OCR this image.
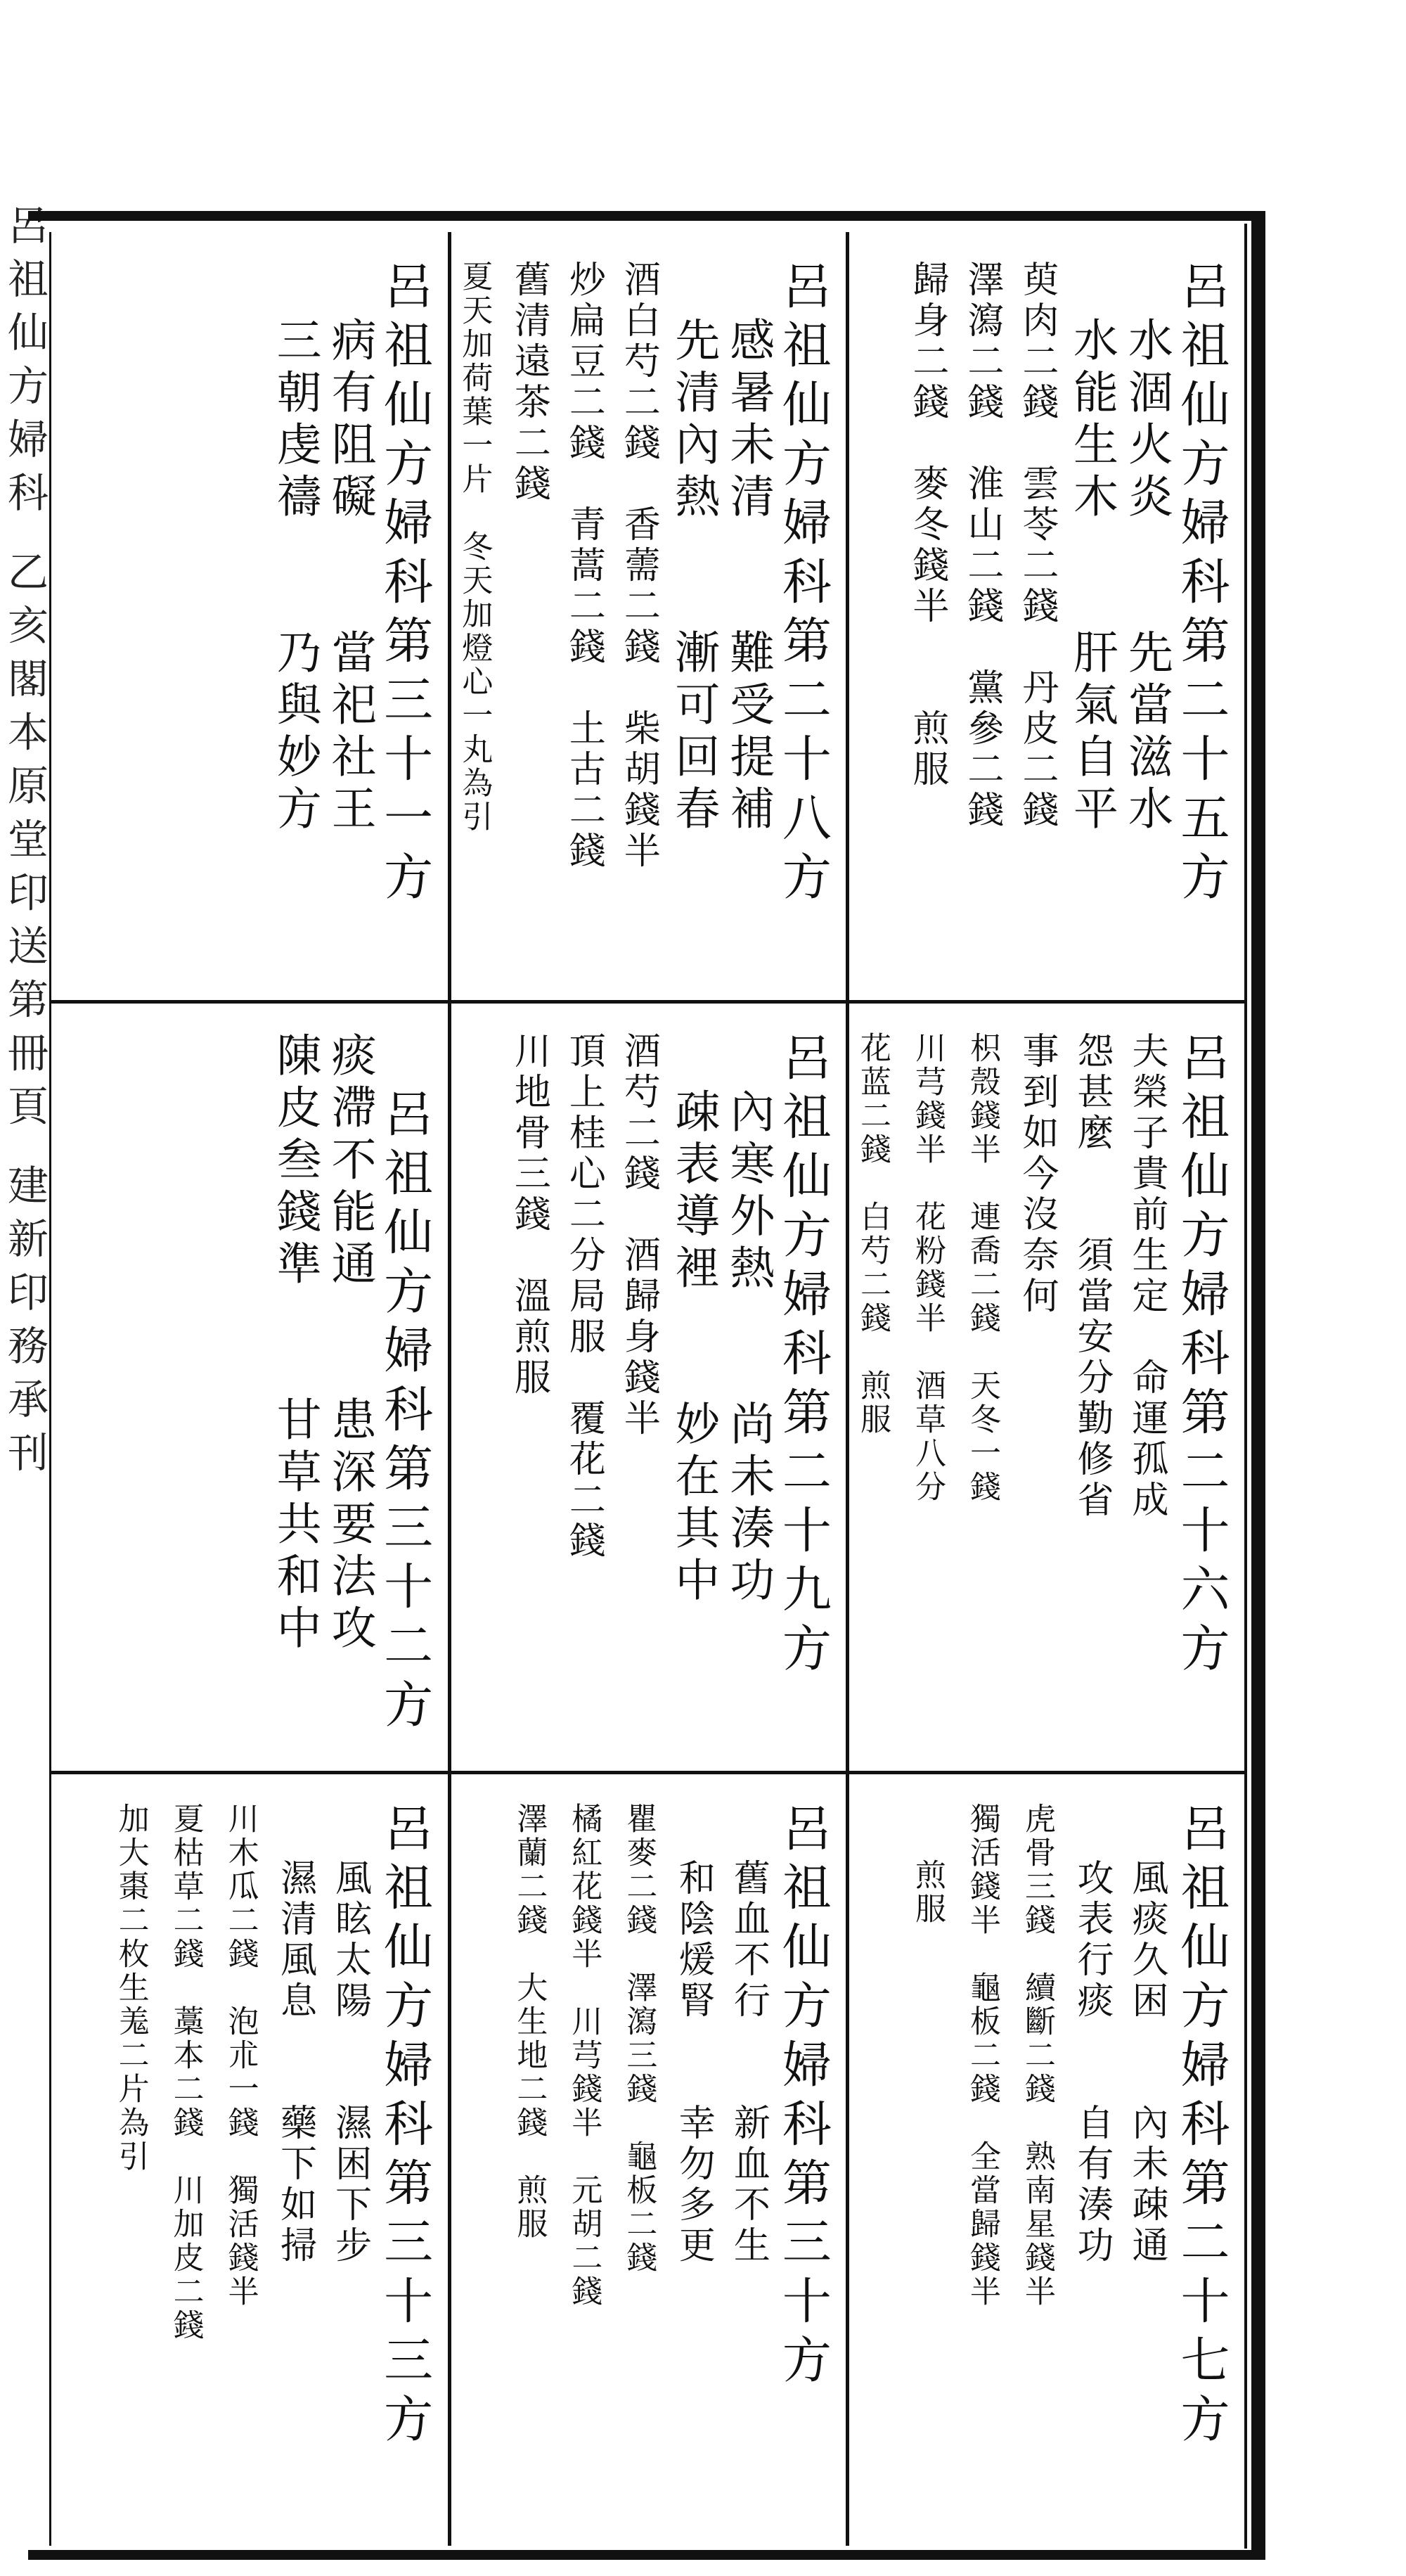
呂祖仙方婦科 乙亥閣本原堂印送第冊頁 建新印務承刊	呂祖仙方婦科第三十一方
病有阻礙　　當祀社王
三朝虔禱　　乃與妙方	呂祖仙方婦科第二十八方
感暑未清　　難受提補
先清內熱　　漸可回春
酒白芍二錢　香薷二錢　柴胡錢半
炒扁豆二錢　青蒿二錢　土古二錢
舊清遠茶二錢
夏天加荷葉一片　冬天加燈心一丸為引	呂祖仙方婦科第二十五方
水涸火炎　　先當滋水
水能生木　　肝氣自平
萸肉二錢　雲苓二錢　丹皮二錢
澤瀉二錢　淮山二錢　黨參二錢
歸身二錢　麥冬錢半　　煎服
呂祖仙方婦科第三十二方
痰滯不能通　　患深要法攻
陳皮叁錢準　　甘草共和中	呂祖仙方婦科第二十九方
內寒外熱　　尚未湊功
疎表導裡　　妙在其中
酒芍二錢　酒歸身錢半
頂上桂心二分局服　覆花二錢
川地骨三錢　溫煎服	呂祖仙方婦科第二十六方
夫榮子貴前生定　命運孤成
怨甚麼　　須當安分勤修省
事到如今沒奈何
枳殼錢半　連喬二錢　天冬一錢
川芎錢半　花粉錢半　酒草八分
花蓝二錢　白芍二錢　煎服
呂祖仙方婦科第三十三方
風眩太陽　　濕困下步
濕清風息　　藥下如掃
川木瓜二錢　泡朮一錢　獨活錢半
夏枯草二錢　藁本二錢　川加皮二錢
加大棗二枚生羗二片為引	呂祖仙方婦科第三十方
舊血不行　　新血不生
和陰煖腎　　幸勿多更
瞿麥二錢　澤瀉三錢　龜板二錢
橘紅花錢半　川芎錢半　元胡二錢
澤蘭二錢　大生地二錢　煎服	呂祖仙方婦科第二十七方
風痰久困　　內未疎通
攻表行痰　　自有湊功
虎骨三錢　續斷二錢　熟南星錢半
獨活錢半　龜板二錢　全當歸錢半
煎服
